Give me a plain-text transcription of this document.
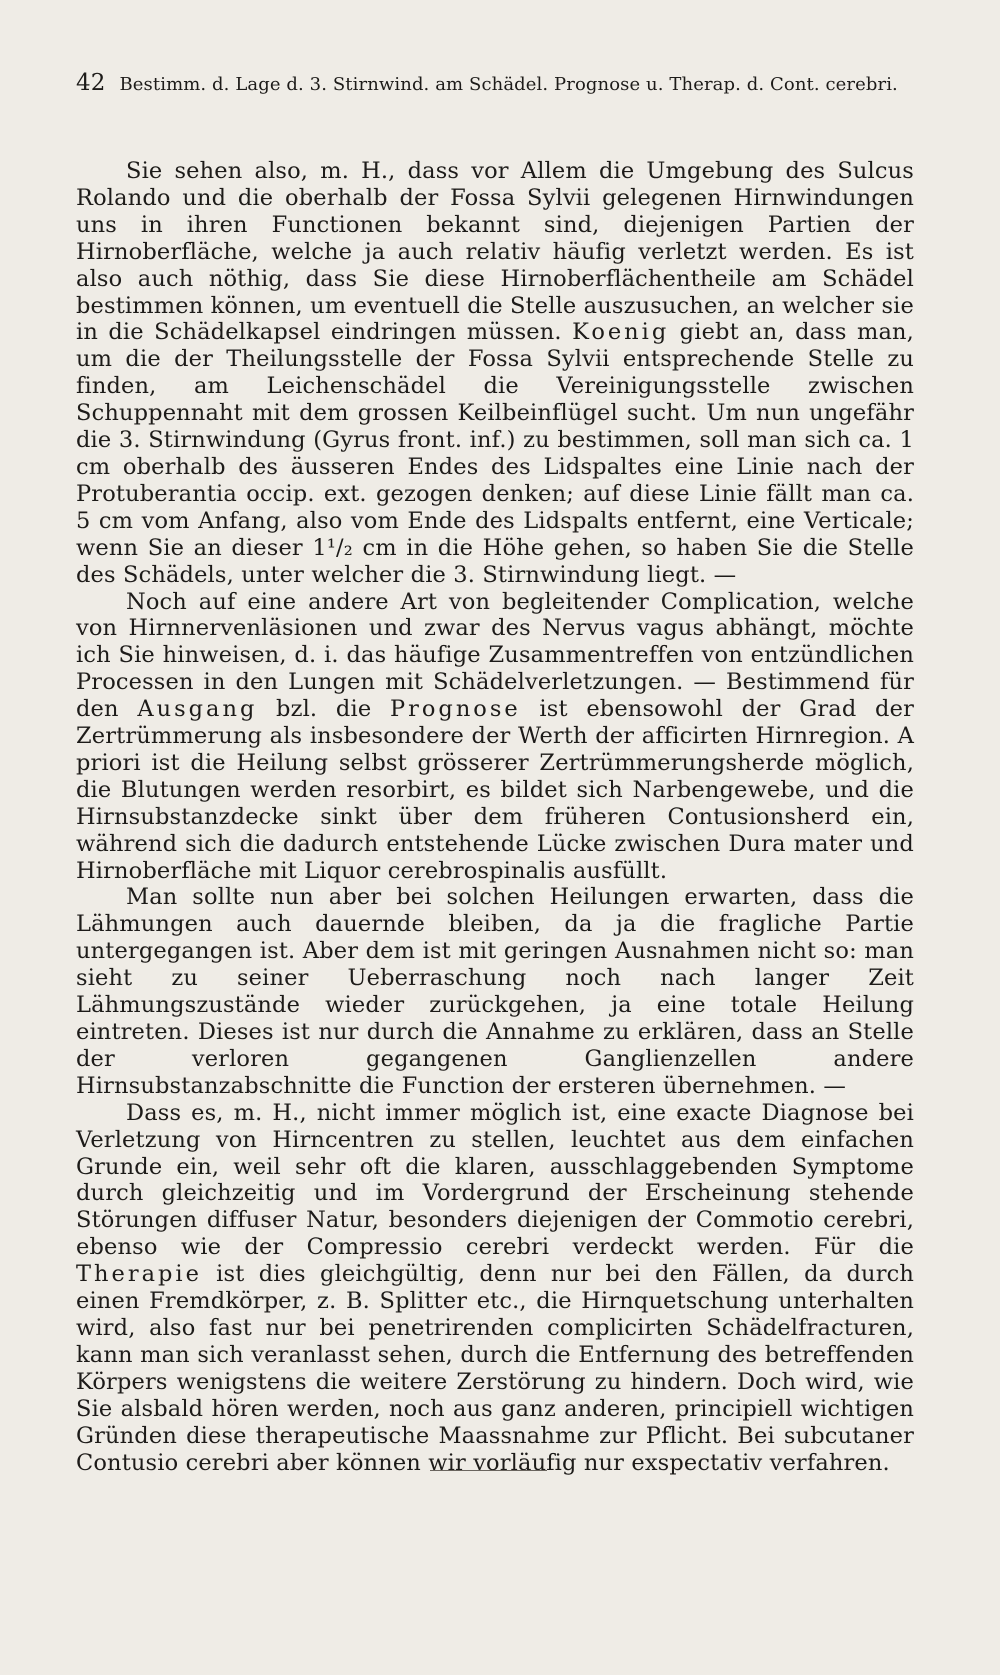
42 Bestimm. d. Lage d. 3. Stirnwind. am Schädel. Prognose u. Therap. d. Cont. cerebri.

Sie sehen also, m. H., dass vor Allem die Umgebung des Sulcus Rolando und die oberhalb der Fossa Sylvii gelegenen Hirnwindungen uns in ihren Functionen bekannt sind, diejenigen Partien der Hirnoberfläche, welche ja auch relativ häufig verletzt werden. Es ist also auch nöthig, dass Sie diese Hirnoberflächentheile am Schädel bestimmen können, um eventuell die Stelle auszusuchen, an welcher sie in die Schädelkapsel eindringen müssen. Koenig giebt an, dass man, um die der Theilungsstelle der Fossa Sylvii entsprechende Stelle zu finden, am Leichenschädel die Vereinigungsstelle zwischen Schuppennaht mit dem grossen Keilbeinflügel sucht. Um nun ungefähr die 3. Stirnwindung (Gyrus front. inf.) zu bestimmen, soll man sich ca. 1 cm oberhalb des äusseren Endes des Lidspaltes eine Linie nach der Protuberantia occip. ext. gezogen denken; auf diese Linie fällt man ca. 5 cm vom Anfang, also vom Ende des Lidspalts entfernt, eine Verticale; wenn Sie an dieser 1¹/₂ cm in die Höhe gehen, so haben Sie die Stelle des Schädels, unter welcher die 3. Stirnwindung liegt. —

Noch auf eine andere Art von begleitender Complication, welche von Hirnnervenläsionen und zwar des Nervus vagus abhängt, möchte ich Sie hinweisen, d. i. das häufige Zusammentreffen von entzündlichen Processen in den Lungen mit Schädelverletzungen. — Bestimmend für den Ausgang bzl. die Prognose ist ebensowohl der Grad der Zertrümmerung als insbesondere der Werth der afficirten Hirnregion. A priori ist die Heilung selbst grösserer Zertrümmerungsherde möglich, die Blutungen werden resorbirt, es bildet sich Narbengewebe, und die Hirnsubstanzdecke sinkt über dem früheren Contusionsherd ein, während sich die dadurch entstehende Lücke zwischen Dura mater und Hirnoberfläche mit Liquor cerebrospinalis ausfüllt.

Man sollte nun aber bei solchen Heilungen erwarten, dass die Lähmungen auch dauernde bleiben, da ja die fragliche Partie untergegangen ist. Aber dem ist mit geringen Ausnahmen nicht so: man sieht zu seiner Ueberraschung noch nach langer Zeit Lähmungszustände wieder zurückgehen, ja eine totale Heilung eintreten. Dieses ist nur durch die Annahme zu erklären, dass an Stelle der verloren gegangenen Ganglienzellen andere Hirnsubstanzabschnitte die Function der ersteren übernehmen. —

Dass es, m. H., nicht immer möglich ist, eine exacte Diagnose bei Verletzung von Hirncentren zu stellen, leuchtet aus dem einfachen Grunde ein, weil sehr oft die klaren, ausschlaggebenden Symptome durch gleichzeitig und im Vordergrund der Erscheinung stehende Störungen diffuser Natur, besonders diejenigen der Commotio cerebri, ebenso wie der Compressio cerebri verdeckt werden. Für die Therapie ist dies gleichgültig, denn nur bei den Fällen, da durch einen Fremdkörper, z. B. Splitter etc., die Hirnquetschung unterhalten wird, also fast nur bei penetrirenden complicirten Schädelfracturen, kann man sich veranlasst sehen, durch die Entfernung des betreffenden Körpers wenigstens die weitere Zerstörung zu hindern. Doch wird, wie Sie alsbald hören werden, noch aus ganz anderen, principiell wichtigen Gründen diese therapeutische Maassnahme zur Pflicht. Bei subcutaner Contusio cerebri aber können wir vorläufig nur exspectativ verfahren.
